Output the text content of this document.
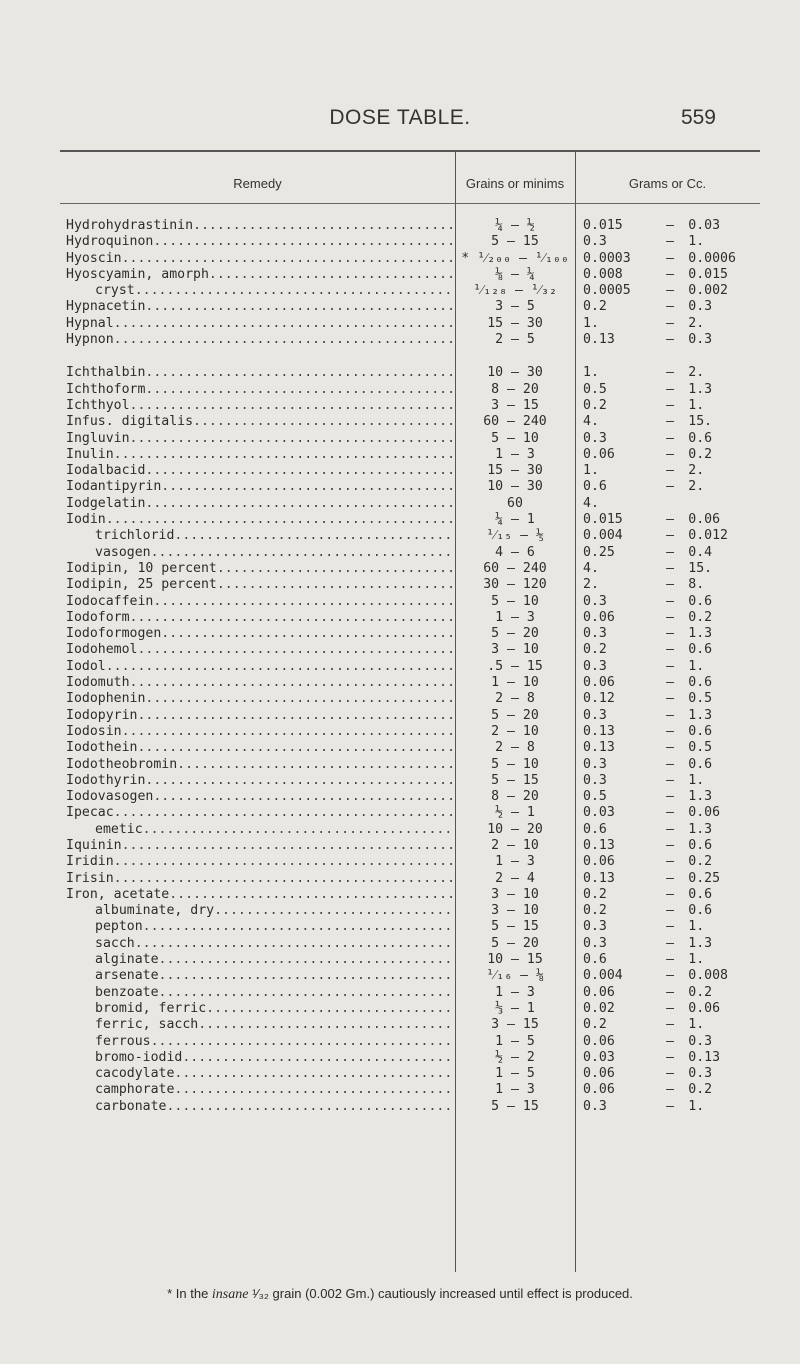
DOSE TABLE.	559
Remedy	Grains or minims	Grams or Cc.
Hydrohydrastinin .....	¼ — ½	0.015	—	0.03
Hydroquinon .....	5 — 15	0.3	—	1.
Hyoscin .....	* ¹⁄₂₀₀ — ¹⁄₁₀₀	0.0003	—	0.0006
Hyoscyamin, amorph .....	⅛ — ¼	0.008	—	0.015
cryst .....	¹⁄₁₂₈ — ¹⁄₃₂	0.0005	—	0.002
Hypnacetin .....	3 — 5	0.2	—	0.3
Hypnal .....	15 — 30	1.	—	2.
Hypnon .....	2 — 5	0.13	—	0.3
Ichthalbin .....	10 — 30	1.	—	2.
Ichthoform .....	8 — 20	0.5	—	1.3
Ichthyol .....	3 — 15	0.2	—	1.
Infus. digitalis .....	60 — 240	4.	—	15.
Ingluvin .....	5 — 10	0.3	—	0.6
Inulin .....	1 — 3	0.06	—	0.2
Iodalbacid .....	15 — 30	1.	—	2.
Iodantipyrin .....	10 — 30	0.6	—	2.
Iodgelatin .....	60	4.
Iodin .....	¼ — 1	0.015	—	0.06
trichlorid .....	¹⁄₁₅ — ⅕	0.004	—	0.012
vasogen .....	4 — 6	0.25	—	0.4
Iodipin, 10 percent .....	60 — 240	4.	—	15.
Iodipin, 25 percent .....	30 — 120	2.	—	8.
Iodocaffein .....	5 — 10	0.3	—	0.6
Iodoform .....	1 — 3	0.06	—	0.2
Iodoformogen .....	5 — 20	0.3	—	1.3
Iodohemol .....	3 — 10	0.2	—	0.6
Iodol .....	.5 — 15	0.3	—	1.
Iodomuth .....	1 — 10	0.06	—	0.6
Iodophenin .....	2 — 8	0.12	—	0.5
Iodopyrin .....	5 — 20	0.3	—	1.3
Iodosin .....	2 — 10	0.13	—	0.6
Iodothein .....	2 — 8	0.13	—	0.5
Iodotheobromin .....	5 — 10	0.3	—	0.6
Iodothyrin .....	5 — 15	0.3	—	1.
Iodovasogen .....	8 — 20	0.5	—	1.3
Ipecac .....	½ — 1	0.03	—	0.06
emetic .....	10 — 20	0.6	—	1.3
Iquinin .....	2 — 10	0.13	—	0.6
Iridin .....	1 — 3	0.06	—	0.2
Irisin .....	2 — 4	0.13	—	0.25
Iron, acetate .....	3 — 10	0.2	—	0.6
albuminate, dry .....	3 — 10	0.2	—	0.6
pepton .....	5 — 15	0.3	—	1.
sacch .....	5 — 20	0.3	—	1.3
alginate .....	10 — 15	0.6	—	1.
arsenate .....	¹⁄₁₆ — ⅛	0.004	—	0.008
benzoate .....	1 — 3	0.06	—	0.2
bromid, ferric .....	⅓ — 1	0.02	—	0.06
ferric, sacch .....	3 — 15	0.2	—	1.
ferrous .....	1 — 5	0.06	—	0.3
bromo-iodid .....	½ — 2	0.03	—	0.13
cacodylate .....	1 — 5	0.06	—	0.3
camphorate .....	1 — 3	0.06	—	0.2
carbonate .....	5 — 15	0.3	—	1.
* In the insane ¹⁄₃₂ grain (0.002 Gm.) cautiously increased until effect is produced.
